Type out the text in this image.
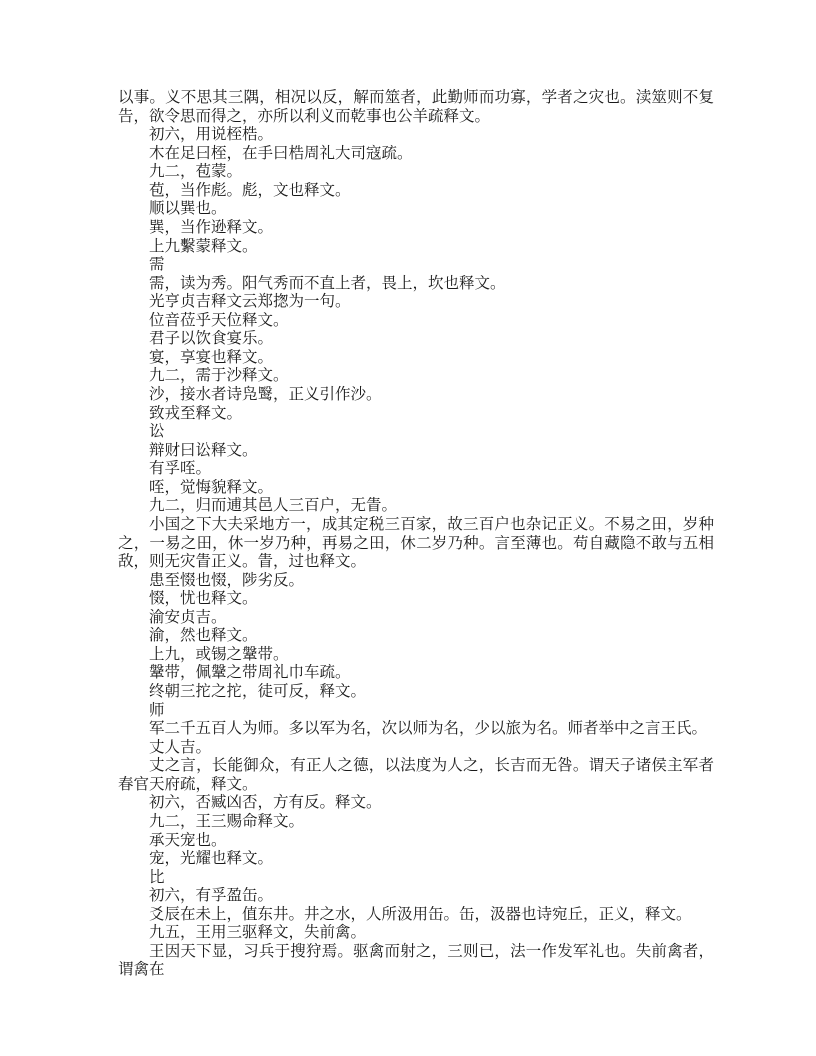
以事。义不思其三隅，相况以反，解而筮者，此勤师而功寡，学者之灾也。渎筮则不复告，欲令思而得之，亦所以利义而乾事也公羊疏释文。

初六，用说桎梏。

木在足曰桎，在手曰梏周礼大司寇疏。

九二，苞蒙。

苞，当作彪。彪，文也释文。

顺以巽也。

巽，当作逊释文。

上九繫蒙释文。

需

需，读为秀。阳气秀而不直上者，畏上，坎也释文。

光亨贞吉释文云郑揔为一句。

位音莅乎天位释文。

君子以饮食宴乐。

宴，享宴也释文。

九二，需于沙释文。

沙，接水者诗凫鹥，正义引作沙。

致戎至释文。

讼

辩财曰讼释文。

有孚咥。

咥，觉悔貌释文。

九二，归而逋其邑人三百户，无眚。

小国之下大夫采地方一，成其定税三百家，故三百户也杂记正义。不易之田，岁种之，一易之田，休一岁乃种，再易之田，休二岁乃种。言至薄也。苟自藏隐不敢与五相敌，则无灾眚正义。眚，过也释文。

患至惙也惙，陟劣反。

惙，忧也释文。

渝安贞吉。

渝，然也释文。

上九，或锡之鞶带。

鞶带，佩鞶之带周礼巾车疏。

终朝三拕之拕，徒可反，释文。

师

军二千五百人为师。多以军为名，次以师为名，少以旅为名。师者举中之言王氏。

丈人吉。

丈之言，长能御众，有正人之德，以法度为人之，长吉而无咎。谓天子诸侯主军者春官天府疏，释文。

初六，否臧凶否，方有反。释文。

九二，王三赐命释文。

承天宠也。

宠，光耀也释文。

比

初六，有孚盈缶。

爻辰在未上，值东井。井之水，人所汲用缶。缶，汲器也诗宛丘，正义，释文。

九五，王用三驱释文，失前禽。

王因天下显，习兵于搜狩焉。驱禽而射之，三则已，法一作发军礼也。失前禽者，谓禽在
